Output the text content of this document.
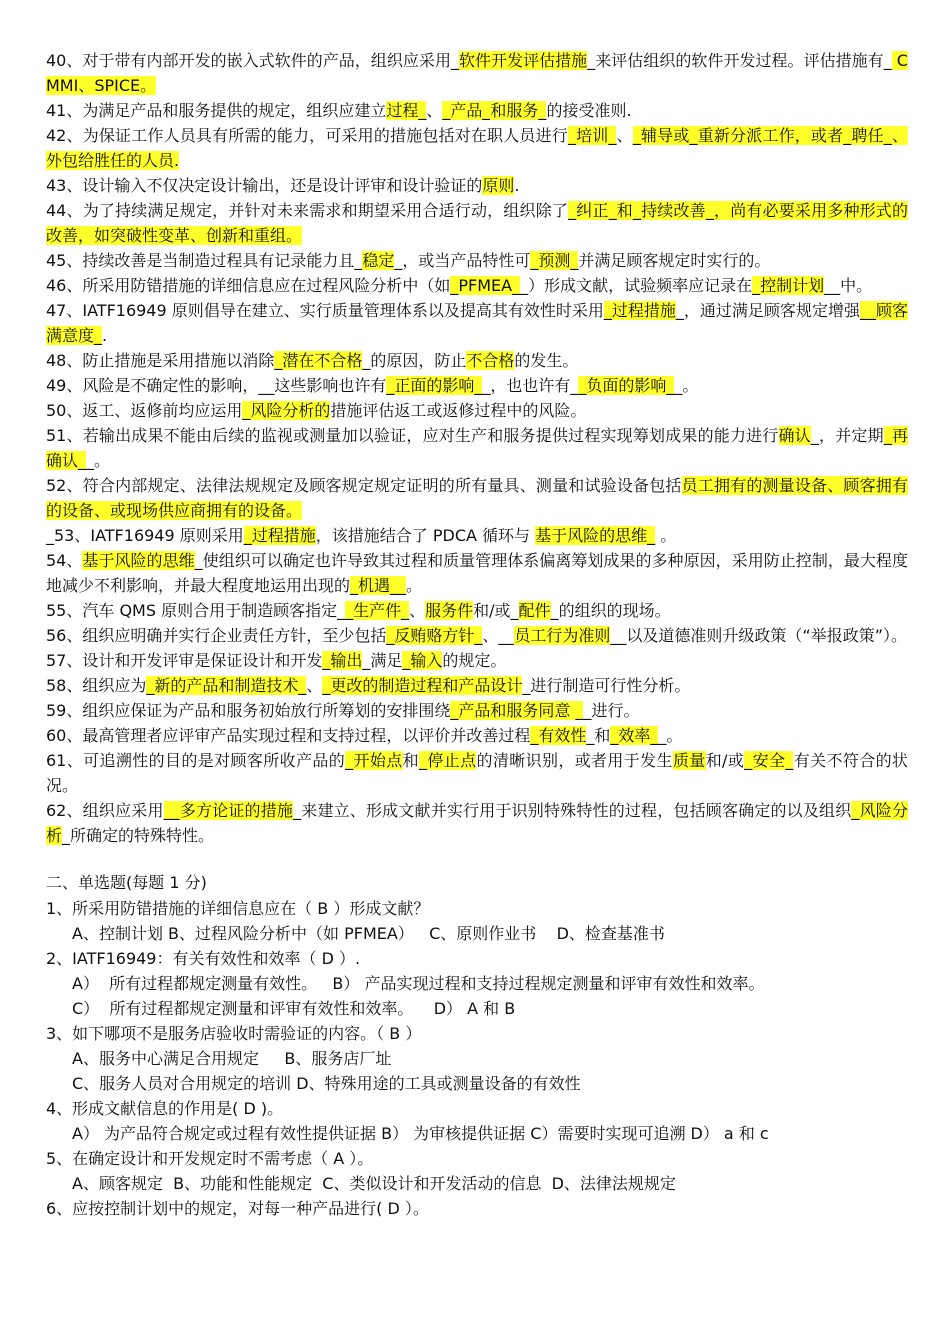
40、对于带有内部开发的嵌入式软件的产品，组织应采用_软件开发评估措施_来评估组织的软件开发过程。评估措施有_ CMMI、SPICE。

41、为满足产品和服务提供的规定，组织应建立过程_、_产品_和服务_的接受准则.

42、为保证工作人员具有所需的能力，可采用的措施包括对在职人员进行_培训_、_辅导或_重新分派工作，或者_聘任_、外包给胜任的人员.

43、设计输入不仅决定设计输出，还是设计评审和设计验证的原则.

44、为了持续满足规定，并针对未来需求和期望采用合适行动，组织除了_纠正_和_持续改善_，尚有必要采用多种形式的改善，如突破性变革、创新和重组。

45、持续改善是当制造过程具有记录能力且_稳定_，或当产品特性可_预测_并满足顾客规定时实行的。

46、所采用防错措施的详细信息应在过程风险分析中（如_PFMEA__）形成文献，试验频率应记录在_控制计划__中。

47、IATF16949 原则倡导在建立、实行质量管理体系以及提高其有效性时采用_过程措施_，通过满足顾客规定增强__顾客满意度_.

48、防止措施是采用措施以消除_潜在不合格_的原因，防止不合格的发生。

49、风险是不确定性的影响，__这些影响也许有_正面的影响__，也也许有__负面的影响__。

50、返工、返修前均应运用_风险分析的措施评估返工或返修过程中的风险。

51、若输出成果不能由后续的监视或测量加以验证，应对生产和服务提供过程实现筹划成果的能力进行确认_，并定期_再确认__。

52、符合内部规定、法律法规规定及顾客规定规定证明的所有量具、测量和试验设备包括员工拥有的测量设备、顾客拥有的设备、或现场供应商拥有的设备。

_53、IATF16949 原则采用_过程措施，该措施结合了 PDCA 循环与 基于风险的思维_ 。

54、基于风险的思维_使组织可以确定也许导致其过程和质量管理体系偏离筹划成果的多种原因，采用防止控制，最大程度地减少不利影响，并最大程度地运用出现的_机遇__。

55、汽车 QMS 原则合用于制造顾客指定__生产件_、服务件和/或_配件_的组织的现场。

56、组织应明确并实行企业责任方针，至少包括_反贿赂方针_、__员工行为准则__以及道德准则升级政策（“举报政策”）。

57、设计和开发评审是保证设计和开发_输出_满足_输入的规定。

58、组织应为_新的产品和制造技术_、_更改的制造过程和产品设计_进行制造可行性分析。

59、组织应保证为产品和服务初始放行所筹划的安排围绕_产品和服务同意 __进行。

60、最高管理者应评审产品实现过程和支持过程，以评价并改善过程_有效性_和_效率__。

61、可追溯性的目的是对顾客所收产品的_开始点和_停止点的清晰识别，或者用于发生质量和/或_安全_有关不符合的状况。

62、组织应采用__多方论证的措施_来建立、形成文献并实行用于识别特殊特性的过程，包括顾客确定的以及组织_风险分析_所确定的特殊特性。

二、单选题(每题 1 分)

1、所采用防错措施的详细信息应在（ B ）形成文献？

A、控制计划 B、过程风险分析中（如 PFMEA）   C、原则作业书    D、检查基准书

2、IATF16949：有关有效性和效率（ D ）.

A）  所有过程都规定测量有效性。   B） 产品实现过程和支持过程规定测量和评审有效性和效率。

C）  所有过程都规定测量和评审有效性和效率。    D） A 和 B

3、如下哪项不是服务店验收时需验证的内容。（ B ）

A、服务中心满足合用规定     B、服务店厂址

C、服务人员对合用规定的培训 D、特殊用途的工具或测量设备的有效性

4、形成文献信息的作用是( D )。

A） 为产品符合规定或过程有效性提供证据 B） 为审核提供证据 C）需要时实现可追溯 D） a 和 c

5、在确定设计和开发规定时不需考虑（ A ）。

A、顾客规定  B、功能和性能规定  C、类似设计和开发活动的信息  D、法律法规规定

6、应按控制计划中的规定，对每一种产品进行( D ）。
